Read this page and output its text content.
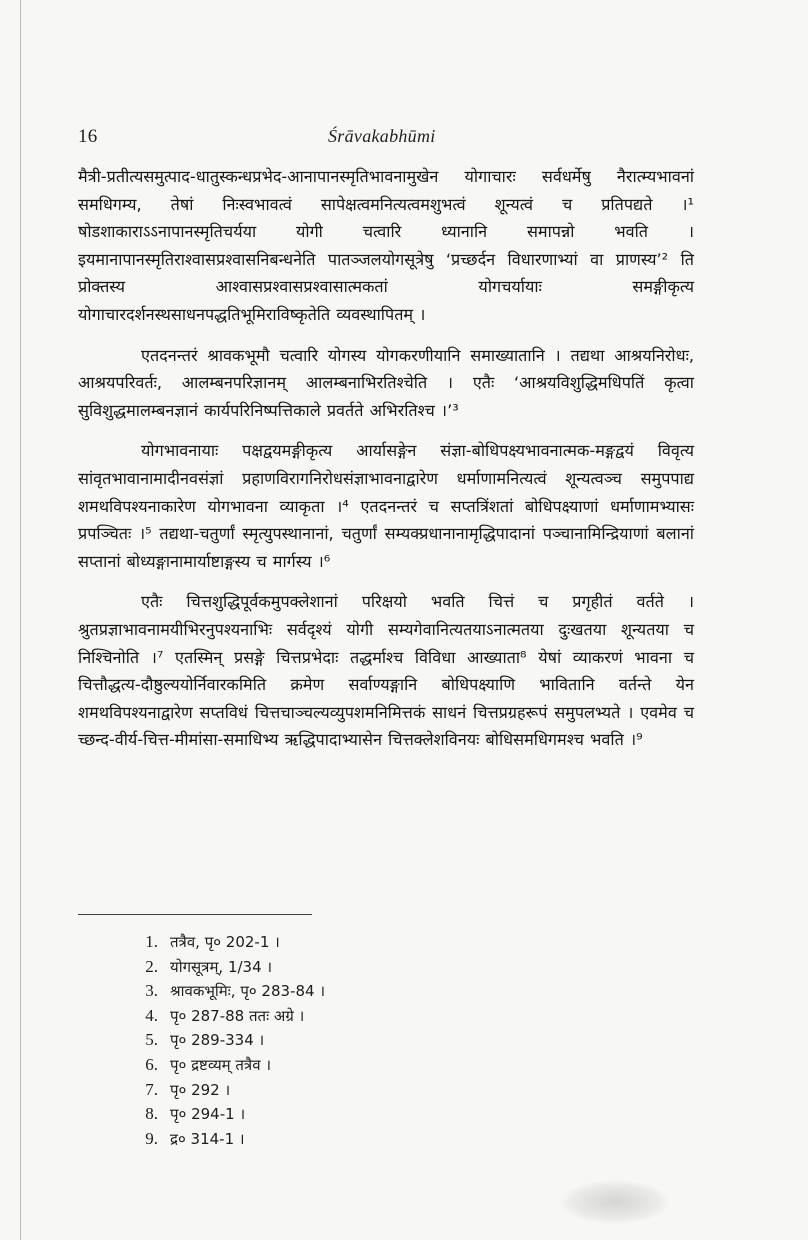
16	Śrāvakabhūmi

मैत्री-प्रतीत्यसमुत्पाद-धातुस्कन्धप्रभेद-आनापानस्मृतिभावनामुखेन योगाचारः सर्वधर्मेषु नैरात्म्यभावनां समधिगम्य, तेषां निःस्वभावत्वं सापेक्षत्वमनित्यत्वमशुभत्वं शून्यत्वं च प्रतिपद्यते ।¹ षोडशाकाराऽऽनापानस्मृतिचर्यया योगी चत्वारि ध्यानानि समापन्नो भवति । इयमानापानस्मृतिराश्वासप्रश्वासनिबन्धनेति पातञ्जलयोगसूत्रेषु ‘प्रच्छर्दन विधारणाभ्यां वा प्राणस्य’² ति प्रोक्तस्य आश्वासप्रश्वासप्रश्वासात्मकतां योगचर्यायाः समङ्गीकृत्य योगाचारदर्शनस्थसाधनपद्धतिभूमिराविष्कृतेति व्यवस्थापितम् ।

एतदनन्तरं श्रावकभूमौ चत्वारि योगस्य योगकरणीयानि समाख्यातानि । तद्यथा आश्रयनिरोधः, आश्रयपरिवर्तः, आलम्बनपरिज्ञानम् आलम्बनाभिरतिश्चेति । एतैः ‘आश्रयविशुद्धिमधिपतिं कृत्वा सुविशुद्धमालम्बनज्ञानं कार्यपरिनिष्पत्तिकाले प्रवर्तते अभिरतिश्च ।’³

योगभावनायाः पक्षद्वयमङ्गीकृत्य आर्यासङ्गेन संज्ञा-बोधिपक्ष्यभावनात्मक-मङ्गद्वयं विवृत्य सांवृतभावानामादीनवसंज्ञां प्रहाणविरागनिरोधसंज्ञाभावनाद्वारेण धर्माणामनित्यत्वं शून्यत्वञ्च समुपपाद्य शमथविपश्यनाकारेण योगभावना व्याकृता ।⁴ एतदनन्तरं च सप्तत्रिंशतां बोधिपक्ष्याणां धर्माणामभ्यासः प्रपञ्चितः ।⁵ तद्यथा-चतुर्णां स्मृत्युपस्थानानां, चतुर्णां सम्यक्प्रधानानामृद्धिपादानां पञ्चानामिन्द्रियाणां बलानां सप्तानां बोध्यङ्गानामार्याष्टाङ्गस्य च मार्गस्य ।⁶

एतैः चित्तशुद्धिपूर्वकमुपक्लेशानां परिक्षयो भवति चित्तं च प्रगृहीतं वर्तते । श्रुतप्रज्ञाभावनामयीभिरनुपश्यनाभिः सर्वदृश्यं योगी सम्यगेवानित्यतयाऽनात्मतया दुःखतया शून्यतया च निश्चिनोति ।⁷ एतस्मिन् प्रसङ्गे चित्तप्रभेदाः तद्धर्माश्च विविधा आख्याता⁸ येषां व्याकरणं भावना च चित्तौद्धत्य-दौष्ठुल्ययोर्निवारकमिति क्रमेण सर्वाण्यङ्गानि बोधिपक्ष्याणि भावितानि वर्तन्ते येन शमथविपश्यनाद्वारेण सप्तविधं चित्तचाञ्चल्यव्युपशमनिमित्तकं साधनं चित्तप्रग्रहरूपं समुपलभ्यते । एवमेव च च्छन्द-वीर्य-चित्त-मीमांसा-समाधिभ्य ऋद्धिपादाभ्यासेन चित्तक्लेशविनयः बोधिसमधिगमश्च भवति ।⁹

1. तत्रैव, पृ० 202-1 ।
2. योगसूत्रम्, 1/34 ।
3. श्रावकभूमिः, पृ० 283-84 ।
4. पृ० 287-88 ततः अग्रे ।
5. पृ० 289-334 ।
6. पृ० द्रष्टव्यम् तत्रैव ।
7. पृ० 292 ।
8. पृ० 294-1 ।
9. द्र० 314-1 ।
